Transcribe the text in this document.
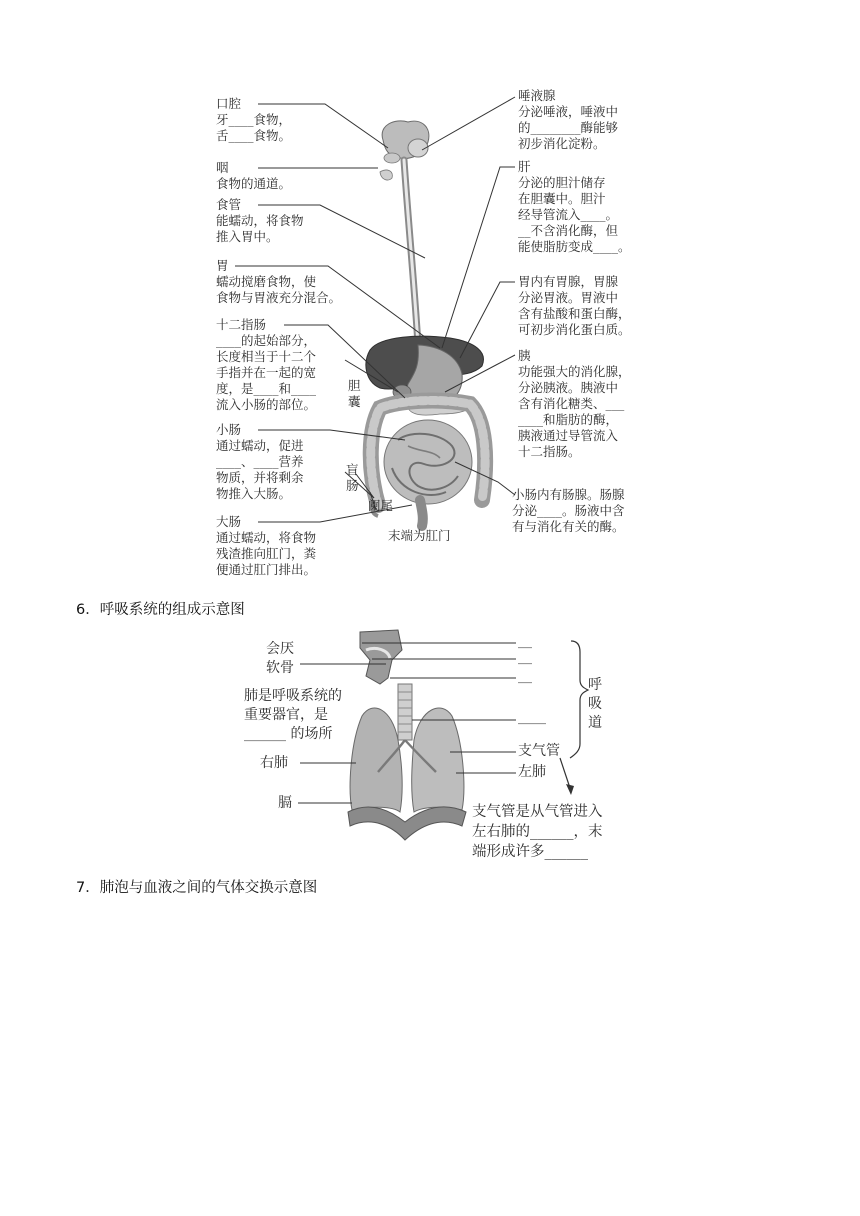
口腔
牙____食物，
舌____食物。
咽
食物的通道。
食管
能蠕动，将食物
推入胃中。
胃
蠕动搅磨食物，使
食物与胃液充分混合。
十二指肠
____的起始部分，
长度相当于十二个
手指并在一起的宽
度，是____和____
流入小肠的部位。
小肠
通过蠕动，促进
____、____营养
物质，并将剩余
物推入大肠。
大肠
通过蠕动，将食物
残渣推向肛门，粪
便通过肛门排出。
唾液腺
分泌唾液，唾液中
的________酶能够
初步消化淀粉。
肝
分泌的胆汁储存
在胆囊中。胆汁
经导管流入____。
__不含消化酶，但
能使脂肪变成____。
胃内有胃腺，胃腺
分泌胃液。胃液中
含有盐酸和蛋白酶，
可初步消化蛋白质。
胰
功能强大的消化腺，
分泌胰液。胰液中
含有消化糖类、___
____和脂肪的酶，
胰液通过导管流入
十二指肠。
小肠内有肠腺。肠腺
分泌____。肠液中含
有与消化有关的酶。
胆
囊
盲
肠
阑尾
末端为肛门
6．呼吸系统的组成示意图
会厌
软骨
肺是呼吸系统的
重要器官，是
______ 的场所
右肺
膈
__
__
__
____
支气管
左肺
呼
吸
道
支气管是从气管进入
左右肺的______，末
端形成许多______
7．肺泡与血液之间的气体交换示意图
